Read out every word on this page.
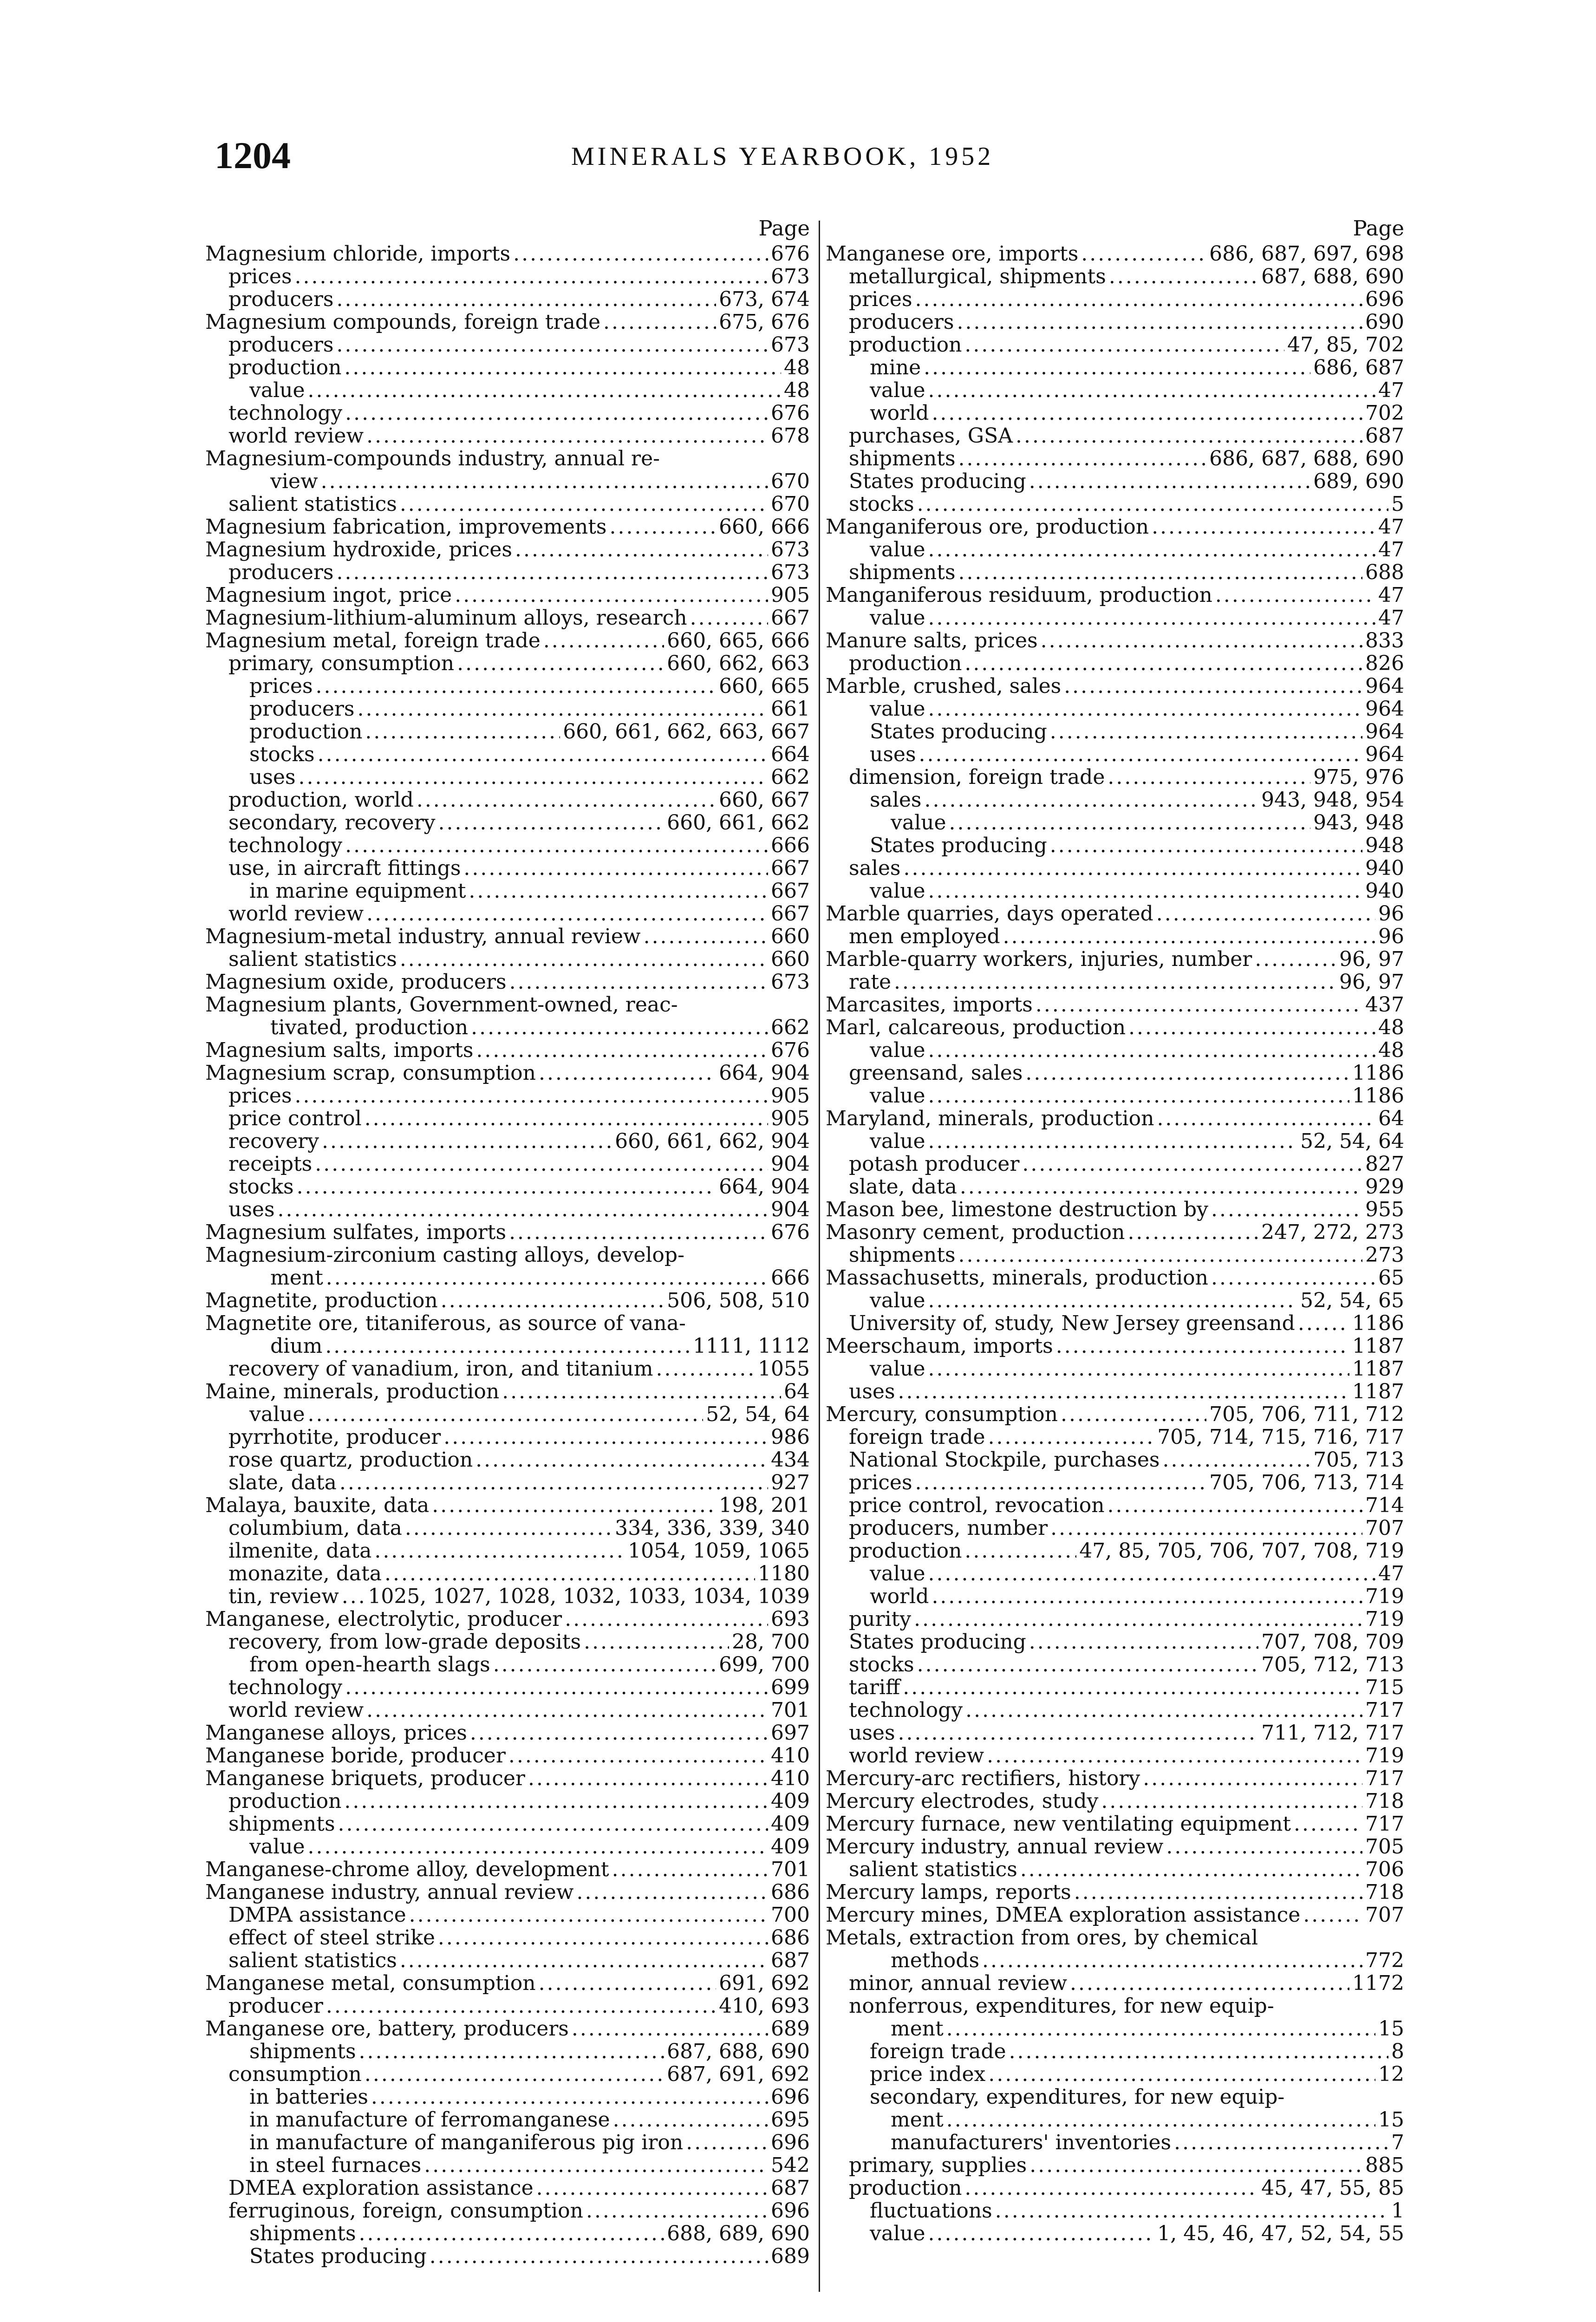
1204	MINERALS YEARBOOK, 1952
Page
Magnesium chloride, imports .....	676
prices .....	673
producers .....	673, 674
Magnesium compounds, foreign trade .....	675, 676
producers .....	673
production .....	48
value .....	48
technology .....	676
world review .....	678
Magnesium-compounds industry, annual re-
view .....	670
salient statistics .....	670
Magnesium fabrication, improvements .....	660, 666
Magnesium hydroxide, prices .....	673
producers .....	673
Magnesium ingot, price .....	905
Magnesium-lithium-aluminum alloys, research .....	667
Magnesium metal, foreign trade .....	660, 665, 666
primary, consumption .....	660, 662, 663
prices .....	660, 665
producers .....	661
production .....	660, 661, 662, 663, 667
stocks .....	664
uses .....	662
production, world .....	660, 667
secondary, recovery .....	660, 661, 662
technology .....	666
use, in aircraft fittings .....	667
in marine equipment .....	667
world review .....	667
Magnesium-metal industry, annual review .....	660
salient statistics .....	660
Magnesium oxide, producers .....	673
Magnesium plants, Government-owned, reac-
tivated, production .....	662
Magnesium salts, imports .....	676
Magnesium scrap, consumption .....	664, 904
prices .....	905
price control .....	905
recovery .....	660, 661, 662, 904
receipts .....	904
stocks .....	664, 904
uses .....	904
Magnesium sulfates, imports .....	676
Magnesium-zirconium casting alloys, develop-
ment .....	666
Magnetite, production .....	506, 508, 510
Magnetite ore, titaniferous, as source of vana-
dium .....	1111, 1112
recovery of vanadium, iron, and titanium .....	1055
Maine, minerals, production .....	64
value .....	52, 54, 64
pyrrhotite, producer .....	986
rose quartz, production .....	434
slate, data .....	927
Malaya, bauxite, data .....	198, 201
columbium, data .....	334, 336, 339, 340
ilmenite, data .....	1054, 1059, 1065
monazite, data .....	1180
tin, review ..... 1025, 1027, 1028, 1032, 1033, 1034, 1039
Manganese, electrolytic, producer .....	693
recovery, from low-grade deposits .....	28, 700
from open-hearth slags .....	699, 700
technology .....	699
world review .....	701
Manganese alloys, prices .....	697
Manganese boride, producer .....	410
Manganese briquets, producer .....	410
production .....	409
shipments .....	409
value .....	409
Manganese-chrome alloy, development .....	701
Manganese industry, annual review .....	686
DMPA assistance .....	700
effect of steel strike .....	686
salient statistics .....	687
Manganese metal, consumption .....	691, 692
producer .....	410, 693
Manganese ore, battery, producers .....	689
shipments .....	687, 688, 690
consumption .....	687, 691, 692
in batteries .....	696
in manufacture of ferromanganese .....	695
in manufacture of manganiferous pig iron .....	696
in steel furnaces .....	542
DMEA exploration assistance .....	687
ferruginous, foreign, consumption .....	696
shipments .....	688, 689, 690
States producing .....	689
Page
Manganese ore, imports .....	686, 687, 697, 698
metallurgical, shipments .....	687, 688, 690
prices .....	696
producers .....	690
production .....	47, 85, 702
mine .....	686, 687
value .....	47
world .....	702
purchases, GSA .....	687
shipments .....	686, 687, 688, 690
States producing .....	689, 690
stocks .....	5
Manganiferous ore, production .....	47
value .....	47
shipments .....	688
Manganiferous residuum, production .....	47
value .....	47
Manure salts, prices .....	833
production .....	826
Marble, crushed, sales .....	964
value .....	964
States producing .....	964
uses .....	964
dimension, foreign trade .....	975, 976
sales .....	943, 948, 954
value .....	943, 948
States producing .....	948
sales .....	940
value .....	940
Marble quarries, days operated .....	96
men employed .....	96
Marble-quarry workers, injuries, number .....	96, 97
rate .....	96, 97
Marcasites, imports .....	437
Marl, calcareous, production .....	48
value .....	48
greensand, sales .....	1186
value .....	1186
Maryland, minerals, production .....	64
value .....	52, 54, 64
potash producer .....	827
slate, data .....	929
Mason bee, limestone destruction by .....	955
Masonry cement, production .....	247, 272, 273
shipments .....	273
Massachusetts, minerals, production .....	65
value .....	52, 54, 65
University of, study, New Jersey greensand .....	1186
Meerschaum, imports .....	1187
value .....	1187
uses .....	1187
Mercury, consumption .....	705, 706, 711, 712
foreign trade .....	705, 714, 715, 716, 717
National Stockpile, purchases .....	705, 713
prices .....	705, 706, 713, 714
price control, revocation .....	714
producers, number .....	707
production .....	47, 85, 705, 706, 707, 708, 719
value .....	47
world .....	719
purity .....	719
States producing .....	707, 708, 709
stocks .....	705, 712, 713
tariff .....	715
technology .....	717
uses .....	711, 712, 717
world review .....	719
Mercury-arc rectifiers, history .....	717
Mercury electrodes, study .....	718
Mercury furnace, new ventilating equipment .....	717
Mercury industry, annual review .....	705
salient statistics .....	706
Mercury lamps, reports .....	718
Mercury mines, DMEA exploration assistance .....	707
Metals, extraction from ores, by chemical
methods .....	772
minor, annual review .....	1172
nonferrous, expenditures, for new equip-
ment .....	15
foreign trade .....	8
price index .....	12
secondary, expenditures, for new equip-
ment .....	15
manufacturers' inventories .....	7
primary, supplies .....	885
production .....	45, 47, 55, 85
fluctuations .....	1
value .....	1, 45, 46, 47, 52, 54, 55
